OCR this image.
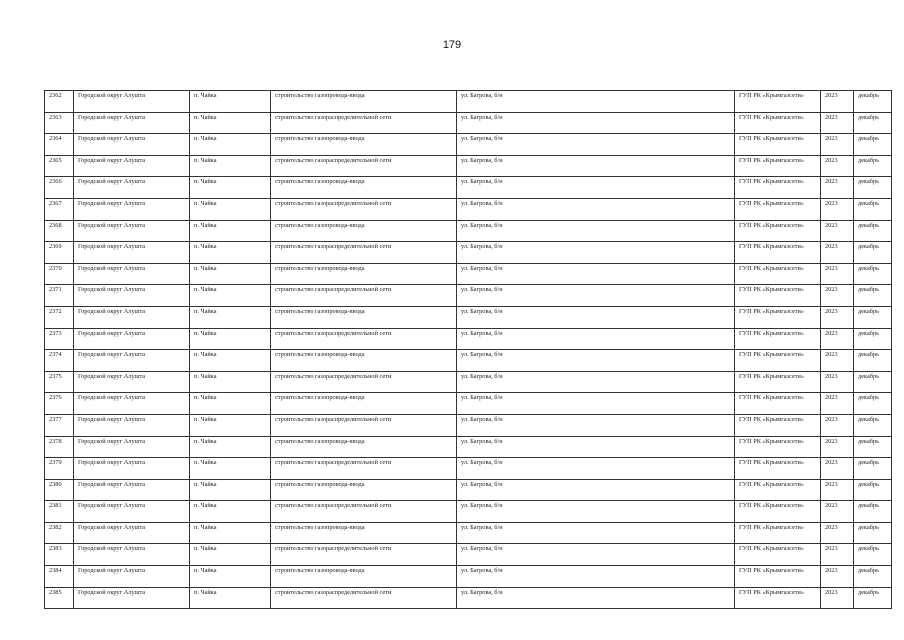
179
2362	Городской округ Алушта	п. Чайка	строительство газопровода-ввода	ул. Багрова, б/н	ГУП РК «Крымгазсети»	2023	декабрь
2363	Городской округ Алушта	п. Чайка	строительство газораспределительной сети	ул. Багрова, б/н	ГУП РК «Крымгазсети»	2023	декабрь
2364	Городской округ Алушта	п. Чайка	строительство газопровода-ввода	ул. Багрова, б/н	ГУП РК «Крымгазсети»	2023	декабрь
2365	Городской округ Алушта	п. Чайка	строительство газораспределительной сети	ул. Багрова, б/н	ГУП РК «Крымгазсети»	2023	декабрь
2366	Городской округ Алушта	п. Чайка	строительство газопровода-ввода	ул. Багрова, б/н	ГУП РК «Крымгазсети»	2023	декабрь
2367	Городской округ Алушта	п. Чайка	строительство газораспределительной сети	ул. Багрова, б/н	ГУП РК «Крымгазсети»	2023	декабрь
2368	Городской округ Алушта	п. Чайка	строительство газопровода-ввода	ул. Багрова, б/н	ГУП РК «Крымгазсети»	2023	декабрь
2369	Городской округ Алушта	п. Чайка	строительство газораспределительной сети	ул. Багрова, б/н	ГУП РК «Крымгазсети»	2023	декабрь
2370	Городской округ Алушта	п. Чайка	строительство газопровода-ввода	ул. Багрова, б/н	ГУП РК «Крымгазсети»	2023	декабрь
2371	Городской округ Алушта	п. Чайка	строительство газораспределительной сети	ул. Багрова, б/н	ГУП РК «Крымгазсети»	2023	декабрь
2372	Городской округ Алушта	п. Чайка	строительство газопровода-ввода	ул. Багрова, б/н	ГУП РК «Крымгазсети»	2023	декабрь
2373	Городской округ Алушта	п. Чайка	строительство газораспределительной сети	ул. Багрова, б/н	ГУП РК «Крымгазсети»	2023	декабрь
2374	Городской округ Алушта	п. Чайка	строительство газопровода-ввода	ул. Багрова, б/н	ГУП РК «Крымгазсети»	2023	декабрь
2375	Городской округ Алушта	п. Чайка	строительство газораспределительной сети	ул. Багрова, б/н	ГУП РК «Крымгазсети»	2023	декабрь
2376	Городской округ Алушта	п. Чайка	строительство газопровода-ввода	ул. Багрова, б/н	ГУП РК «Крымгазсети»	2023	декабрь
2377	Городской округ Алушта	п. Чайка	строительство газораспределительной сети	ул. Багрова, б/н	ГУП РК «Крымгазсети»	2023	декабрь
2378	Городской округ Алушта	п. Чайка	строительство газопровода-ввода	ул. Багрова, б/н	ГУП РК «Крымгазсети»	2023	декабрь
2379	Городской округ Алушта	п. Чайка	строительство газораспределительной сети	ул. Багрова, б/н	ГУП РК «Крымгазсети»	2023	декабрь
2380	Городской округ Алушта	п. Чайка	строительство газопровода-ввода	ул. Багрова, б/н	ГУП РК «Крымгазсети»	2023	декабрь
2381	Городской округ Алушта	п. Чайка	строительство газораспределительной сети	ул. Багрова, б/н	ГУП РК «Крымгазсети»	2023	декабрь
2382	Городской округ Алушта	п. Чайка	строительство газопровода-ввода	ул. Багрова, б/н	ГУП РК «Крымгазсети»	2023	декабрь
2383	Городской округ Алушта	п. Чайка	строительство газораспределительной сети	ул. Багрова, б/н	ГУП РК «Крымгазсети»	2023	декабрь
2384	Городской округ Алушта	п. Чайка	строительство газопровода-ввода	ул. Багрова, б/н	ГУП РК «Крымгазсети»	2023	декабрь
2385	Городской округ Алушта	п. Чайка	строительство газораспределительной сети	ул. Багрова, б/н	ГУП РК «Крымгазсети»	2023	декабрь
